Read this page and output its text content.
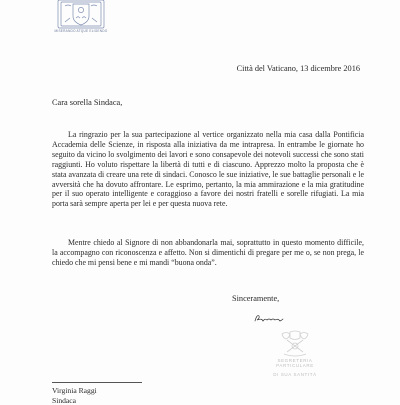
MISERANDO ATQUE ELIGENDO
Città del Vaticano, 13 dicembre 2016
Cara sorella Sindaca,

La ringrazio per la sua partecipazione al vertice organizzato nella mia casa dalla Pontificia Accademia delle Scienze, in risposta alla iniziativa da me intrapresa. In entrambe le giornate ho seguito da vicino lo svolgimento dei lavori e sono consapevole dei notevoli successi che sono stati raggiunti. Ho voluto rispettare la libertà di tutti e di ciascuno. Apprezzo molto la proposta che è stata avanzata di creare una rete di sindaci. Conosco le sue iniziative, le sue battaglie personali e le avversità che ha dovuto affrontare. Le esprimo, pertanto, la mia ammirazione e la mia gratitudine per il suo operato intelligente e coraggioso a favore dei nostri fratelli e sorelle rifugiati. La mia porta sarà sempre aperta per lei e per questa nuova rete.

Mentre chiedo al Signore di non abbandonarla mai, soprattutto in questo momento difficile, la accompagno con riconoscenza e affetto. Non si dimentichi di pregare per me o, se non prega, le chiedo che mi pensi bene e mi mandi “buona onda”.

Sinceramente,
SEGRETERIA PARTICULARE
DI SUA SANTITÀ
Virginia Raggi
Sindaca
